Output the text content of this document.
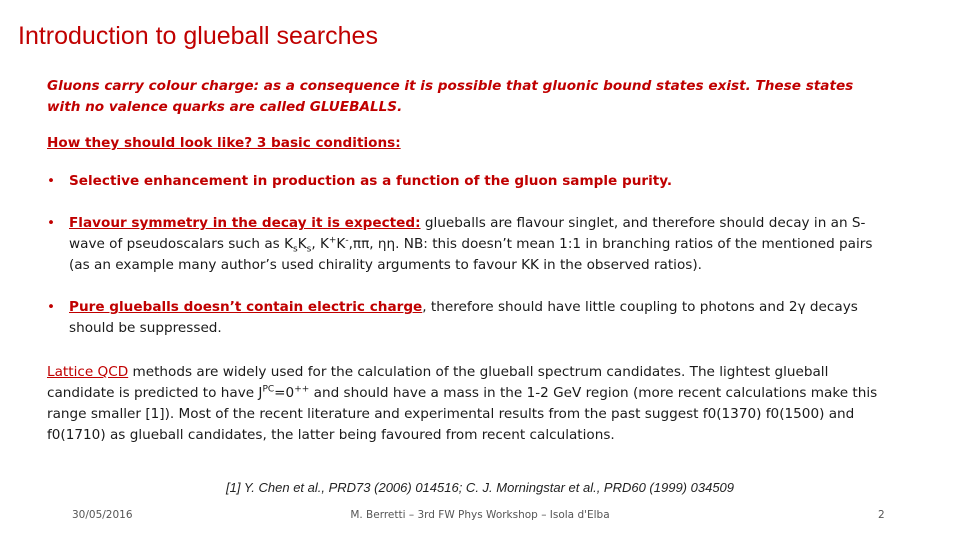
Introduction to glueball searches
Gluons carry colour charge: as a consequence it is possible that gluonic bound states exist. These states with no valence quarks are called GLUEBALLS.
How they should look like? 3 basic conditions:
• Selective enhancement in production as a function of the gluon sample purity.
• Flavour symmetry in the decay it is expected: glueballs are flavour singlet, and therefore should decay in an S-wave of pseudoscalars such as $K_sK_s$, K+K-,ππ, ηη. NB: this doesn’t mean 1:1 in branching ratios of the mentioned pairs (as an example many author’s used chirality arguments to favour KK in the observed ratios).
• Pure glueballs doesn’t contain electric charge, therefore should have little coupling to photons and 2γ decays should be suppressed.
Lattice QCD methods are widely used for the calculation of the glueball spectrum candidates. The lightest glueball candidate is predicted to have $J^{PC}=0^{++}$ and should have a mass in the 1-2 GeV region (more recent calculations make this range smaller [1]). Most of the recent literature and experimental results from the past suggest f0(1370) f0(1500) and f0(1710) as glueball candidates, the latter being favoured from recent calculations.
[1] Y. Chen et al., PRD73 (2006) 014516; C. J. Morningstar et al., PRD60 (1999) 034509
30/05/2016	M. Berretti – 3rd FW Phys Workshop – Isola d'Elba	2
